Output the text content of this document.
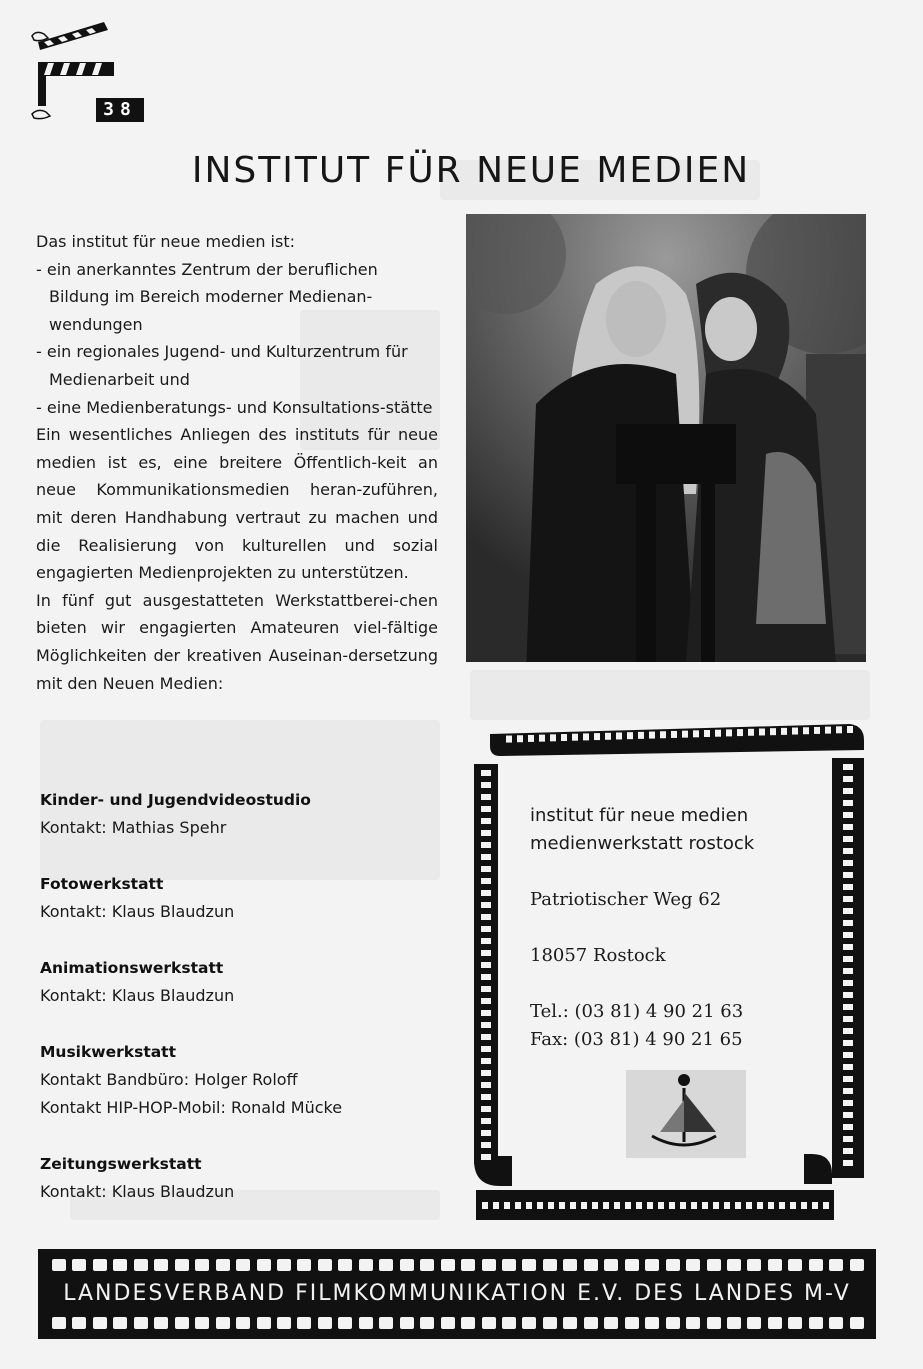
38
INSTITUT FÜR NEUE MEDIEN
Das institut für neue medien ist:
- ein anerkanntes Zentrum der beruflichen Bildung im Bereich moderner Medienan-wendungen
- ein regionales Jugend- und Kulturzentrum für Medienarbeit und
- eine Medienberatungs- und Konsultations-stätte
Ein wesentliches Anliegen des instituts für neue medien ist es, eine breitere Öffentlich-keit an neue Kommunikationsmedien heran-zuführen, mit deren Handhabung vertraut zu machen und die Realisierung von kulturellen und sozial engagierten Medienprojekten zu unterstützen.
In fünf gut ausgestatteten Werkstattberei-chen bieten wir engagierten Amateuren viel-fältige Möglichkeiten der kreativen Auseinan-dersetzung mit den Neuen Medien:
Kinder- und Jugendvideostudio
Kontakt: Mathias Spehr
Fotowerkstatt
Kontakt: Klaus Blaudzun
Animationswerkstatt
Kontakt: Klaus Blaudzun
Musikwerkstatt
Kontakt Bandbüro: Holger Roloff
Kontakt HIP-HOP-Mobil: Ronald Mücke
Zeitungswerkstatt
Kontakt: Klaus Blaudzun
institut für neue medien
medienwerkstatt rostock
Patriotischer Weg 62
18057 Rostock
Tel.: (03 81) 4 90 21 63
Fax: (03 81) 4 90 21 65
LANDESVERBAND FILMKOMMUNIKATION E.V. DES LANDES M-V
